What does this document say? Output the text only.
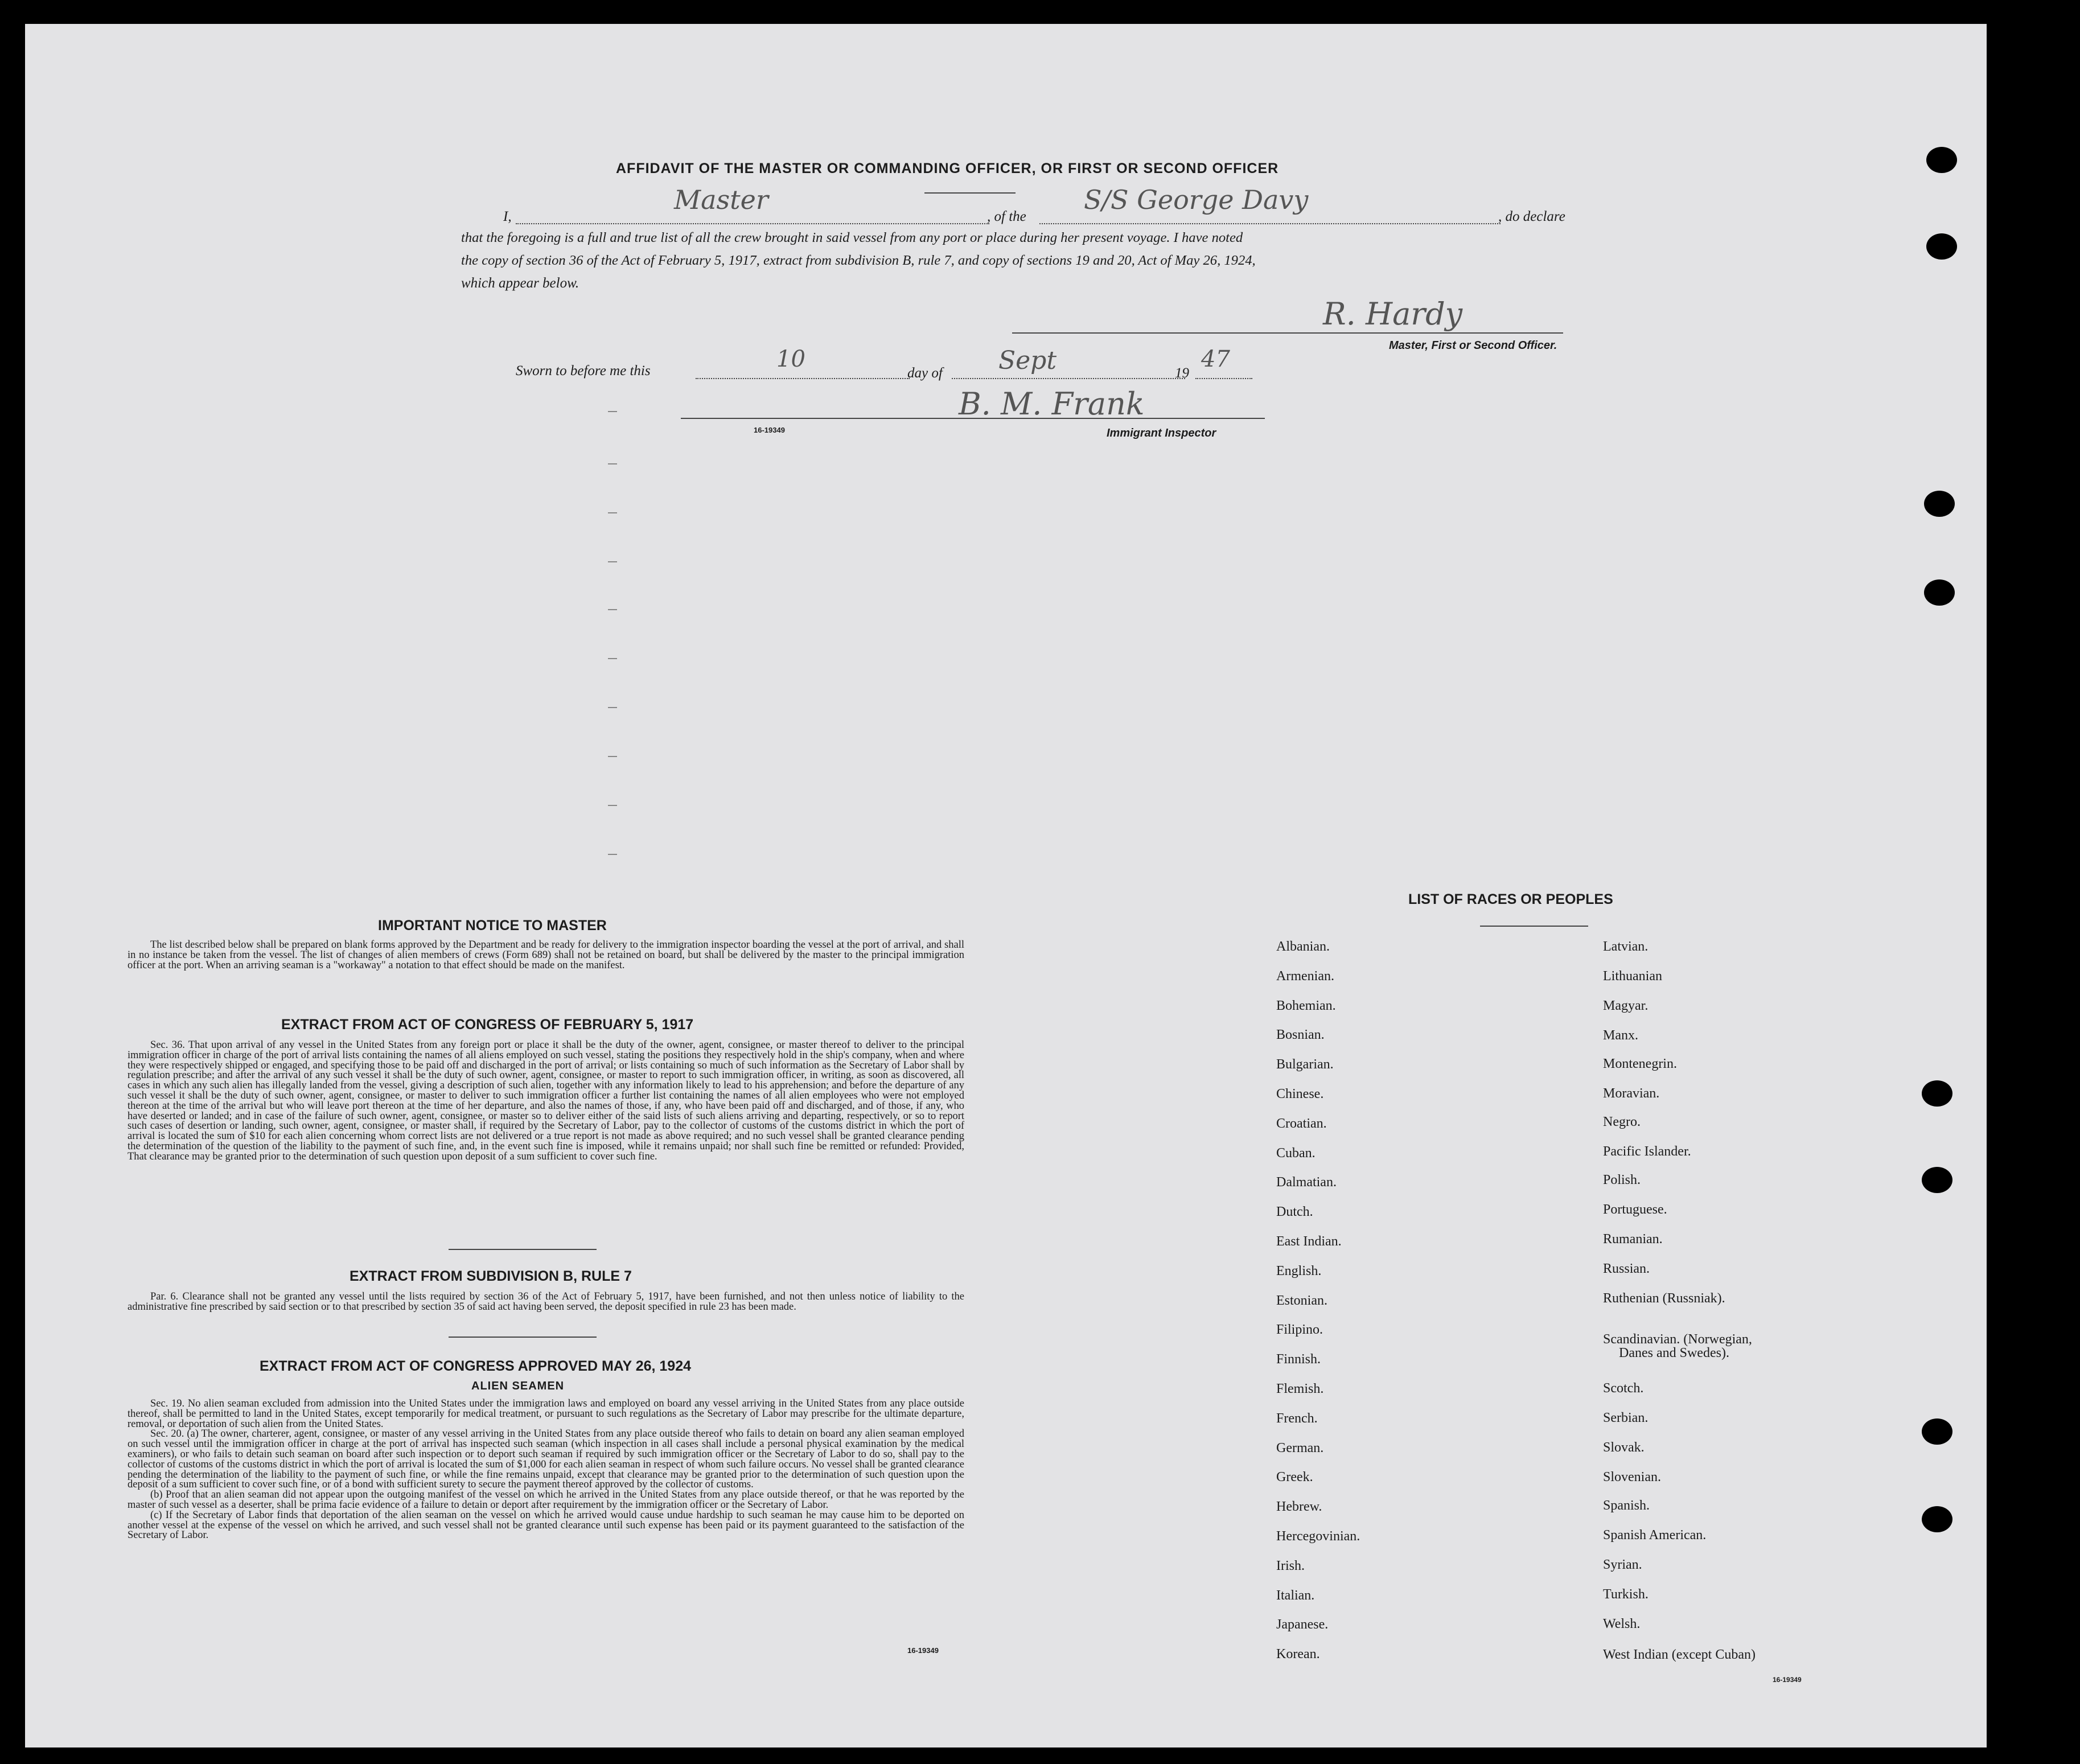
AFFIDAVIT OF THE MASTER OR COMMANDING OFFICER, OR FIRST OR SECOND OFFICER
I,
Master
, of the
S/S George Davy
, do declare
that the foregoing is a full and true list of all the crew brought in said vessel from any port or place during her present voyage. I have noted
the copy of section 36 of the Act of February 5, 1917, extract from subdivision B, rule 7, and copy of sections 19 and 20, Act of May 26, 1924,
which appear below.
R. Hardy
Master, First or Second Officer.
Sworn to before me this	10
day of Sept	19
47
B. M. Frank
16-19349	Immigrant Inspector
IMPORTANT NOTICE TO MASTER

The list described below shall be prepared on blank forms approved by the Department and be ready for delivery to the immigration inspector boarding the vessel at the port of arrival, and shall in no instance be taken from the vessel. The list of changes of alien members of crews (Form 689) shall not be retained on board, but shall be delivered by the master to the principal immigration officer at the port. When an arriving seaman is a "workaway" a notation to that effect should be made on the manifest.

EXTRACT FROM ACT OF CONGRESS OF FEBRUARY 5, 1917

Sec. 36. That upon arrival of any vessel in the United States from any foreign port or place it shall be the duty of the owner, agent, consignee, or master thereof to deliver to the principal immigration officer in charge of the port of arrival lists containing the names of all aliens employed on such vessel, stating the positions they respectively hold in the ship's company, when and where they were respectively shipped or engaged, and specifying those to be paid off and discharged in the port of arrival; or lists containing so much of such information as the Secretary of Labor shall by regulation prescribe; and after the arrival of any such vessel it shall be the duty of such owner, agent, consignee, or master to report to such immigration officer, in writing, as soon as discovered, all cases in which any such alien has illegally landed from the vessel, giving a description of such alien, together with any information likely to lead to his apprehension; and before the departure of any such vessel it shall be the duty of such owner, agent, consignee, or master to deliver to such immigration officer a further list containing the names of all alien employees who were not employed thereon at the time of the arrival but who will leave port thereon at the time of her departure, and also the names of those, if any, who have been paid off and discharged, and of those, if any, who have deserted or landed; and in case of the failure of such owner, agent, consignee, or master so to deliver either of the said lists of such aliens arriving and departing, respectively, or so to report such cases of desertion or landing, such owner, agent, consignee, or master shall, if required by the Secretary of Labor, pay to the collector of customs of the customs district in which the port of arrival is located the sum of $10 for each alien concerning whom correct lists are not delivered or a true report is not made as above required; and no such vessel shall be granted clearance pending the determination of the question of the liability to the payment of such fine, and, in the event such fine is imposed, while it remains unpaid; nor shall such fine be remitted or refunded: Provided, That clearance may be granted prior to the determination of such question upon deposit of a sum sufficient to cover such fine.

EXTRACT FROM SUBDIVISION B, RULE 7

Par. 6. Clearance shall not be granted any vessel until the lists required by section 36 of the Act of February 5, 1917, have been furnished, and not then unless notice of liability to the administrative fine prescribed by said section or to that prescribed by section 35 of said act having been served, the deposit specified in rule 23 has been made.

EXTRACT FROM ACT OF CONGRESS APPROVED MAY 26, 1924
ALIEN SEAMEN

Sec. 19. No alien seaman excluded from admission into the United States under the immigration laws and employed on board any vessel arriving in the United States from any place outside thereof, shall be permitted to land in the United States, except temporarily for medical treatment, or pursuant to such regulations as the Secretary of Labor may prescribe for the ultimate departure, removal, or deportation of such alien from the United States.

Sec. 20. (a) The owner, charterer, agent, consignee, or master of any vessel arriving in the United States from any place outside thereof who fails to detain on board any alien seaman employed on such vessel until the immigration officer in charge at the port of arrival has inspected such seaman (which inspection in all cases shall include a personal physical examination by the medical examiners), or who fails to detain such seaman on board after such inspection or to deport such seaman if required by such immigration officer or the Secretary of Labor to do so, shall pay to the collector of customs of the customs district in which the port of arrival is located the sum of $1,000 for each alien seaman in respect of whom such failure occurs. No vessel shall be granted clearance pending the determination of the liability to the payment of such fine, or while the fine remains unpaid, except that clearance may be granted prior to the determination of such question upon the deposit of a sum sufficient to cover such fine, or of a bond with sufficient surety to secure the payment thereof approved by the collector of customs.

(b) Proof that an alien seaman did not appear upon the outgoing manifest of the vessel on which he arrived in the United States from any place outside thereof, or that he was reported by the master of such vessel as a deserter, shall be prima facie evidence of a failure to detain or deport after requirement by the immigration officer or the Secretary of Labor.

(c) If the Secretary of Labor finds that deportation of the alien seaman on the vessel on which he arrived would cause undue hardship to such seaman he may cause him to be deported on another vessel at the expense of the vessel on which he arrived, and such vessel shall not be granted clearance until such expense has been paid or its payment guaranteed to the satisfaction of the Secretary of Labor.

16-19349
LIST OF RACES OR PEOPLES
Albanian.
Armenian.
Bohemian.
Bosnian.
Bulgarian.
Chinese.
Croatian.
Cuban.
Dalmatian.
Dutch.
East Indian.
English.
Estonian.
Filipino.
Finnish.
Flemish.
French.
German.
Greek.
Hebrew.
Hercegovinian.
Irish.
Italian.
Japanese.
Korean.
Latvian.
Lithuanian
Magyar.
Manx.
Montenegrin.
Moravian.
Negro.
Pacific Islander.
Polish.
Portuguese.
Rumanian.
Russian.
Ruthenian (Russniak).
Scandinavian. (Norwegian,
Danes and Swedes).
Scotch.
Serbian.
Slovak.
Slovenian.
Spanish.
Spanish American.
Syrian.
Turkish.
Welsh.
West Indian (except Cuban)
16-19349
